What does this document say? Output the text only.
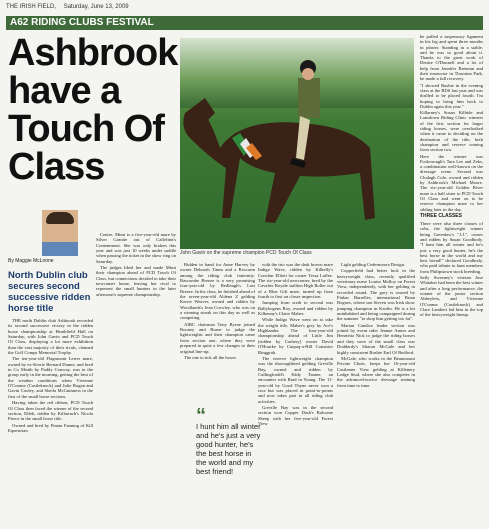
THE IRISH FIELD, Saturday, June 13, 2009
A62 RIDING CLUBS FESTIVAL
Ashbrook have a Touch Of Class
John Gavin on the supreme champion PCD Touch Of Class
By Maggie McLoone
North Dublin club secures second successive ridden horse title

THE north Dublin club Ashbrook recorded its second successive victory in the ridden horse championship at Heathfield Hall on Saturday, with John Gavin and PCD Touch Of Class, displaying a lot more exhibition than the vast majority of their rivals, claimed the Golf Comps Memorial Trophy.

The ten-year-old Flagmount Lerrer mare, owned by ex-Kerrie Bernard Dunne, and bred in Co Meath by Paddy Conway, was in the group early in the morning, getting the best of the weather conditions when Vivienne O'Connor (Castleknock) and Julie Rogan and Gavin Cooley, and Sheila McGuinness in the first of the small horse sections.

Having taken the red ribbon, PCD Touch Of Class then faced the winner of the second section, Dilek, ridden by Killarinch's Nicola Pierce in the small horse title.

Owned and bred by Fintan Fanning of Kill Equestrian

Centre, Mimi is a five-year-old mare by Silver Granite out of Callefinn's Contentment. She was only broken this year and was just 10 weeks under saddle when passing the ticket in the show ring on Saturday.

The judges liked her and made Mimi their champion ahead of PCD Touch Of Class, but connections decided to take their newcomer home, leaving her rival to represent the small hunters in the later afternoon's supreme championship.

Ridden in hand for Anne Harvey by owner Deborah Timm and a Roscarin among the riding club fraternity. Bascombe Breeze is a very promising four-year-old by Redlaugh's Last Breeze. In his class, he finished ahead of the seven-year-old Aldena Z gelding Kerrie Weaver, owned and ridden by Woodlands's Jean Crowley, who was on a winning streak on this day as well as competing.

AIBC chairman Tony Byrne joined Rooney and Burne to judge the lightweights and their champion came from section one, where they were prepared in quite a few changes to their original line-up.

The one to tick all the boxes

“
I hunt him all winter and he's just a very good hunter, he's the best horse in the world and my best friend!

with the trio was the dark brown mare Indigo Wave, ridden by Kilkelly's Conchur Elliott for owner Tessa Laffee. The six-year-old newcomer, bred by the Cavalier Royale stallion High Roller out of a Blue Gift mare, turned up from fourth to first on closer inspection.

Jumping from sixth to second was Ballybogens Roy, owned and ridden by Kilkenny's Claire Maher.

While Indigo Wave went on to take the weight title, Maher's grey by Ace's Highlander. The four-year-old championship ahead of Little Jim (ridden by Carbery) owner David O'Hourke by Cuipaq-a-Hill Consister Ringgrah.

The reserve lightweight champion was the thoroughbred gelding Greville Bay, owned and ridden by Cullingfordd's Eddy Tanner, an encounter with Brad in Young. The 11-year-old by Good Thyne never won a race but was placed in point-to-points and now takes part in all riding club activities.

Greville Bay was in the second section won Copper Dash's Balcome Sheep with her five-year-old Forest View

Light gelding Cedermoore Design.

Copperfield had better luck in the heavyweight class, recently qualified veterinary nurse Louise Molloy on Forest View, independently, with her gelding in recorded round. The grey is owned by Finbar Barrelles, international Brian Bogues, whose son Steven was Irish show jumping champion in Kaolin. He is a bit uninhabited and being campaigned during the summer "to shop him getting too fat".

Marian Candice leader section was joined by event rider Jeanne Amtes and Henrietta Nick to judge the riding horses and they were of the small class was Dodderdy's Sharon McGale and her highly consistent Rushie Earl Of Bedford.

McGale, who works in the Beaumount Private Clinic, keeps her 16-year-old Castlemer View gelding at Killenery Lodge Stud, where she also competes in the advanced-novice dressage training from time to time.

he pulled a suspensory ligament in his leg and spent three months in plaster. Standing in a stable, and he was so good about it. Thanks to the great work of Denise O'Donnell and a lot of help from Jennifer Brennan and their instructor in Thornton Park, he made a full recovery.

"I showed Rushie in the evening class at the RDS last year and was thrilled to be placed fourth. I'm hoping to bring him back to Dublin again this year."

Killarney's Susan Kilbide and Lansdown Riding Clinic winners of the first section for larger riding horses, were overlooked when it came to deciding on the destination of the title, both champion and reserve coming from section two.

Here the winner was Foxborough's Tara Lee and Zeks, a combination well-known on the dressage scene. Second was Clodagh Cole, owned and ridden by Ashbrook's Michael Moore. The six-year-old Golden River mare is a half sister to PCD Touch Of Class and went on to be reserve champion mare to her sibling later in the day.

THREE CLASSES

There were also three classes of cobs, the lightweight winner being Greenlaw's "J.J.", owner and ridden by Susan Goodbody. "I hunt him all winter and he's just a very good hunter, he's the best horse in the world and my best friend!" declared Goodbody, who paid tribute to hunt members from Philipstown stock breeding.

Sally Sweeney's veteran Jose Whitaker had been the best winter and after a long performance, the winner of the junior section Abbeyleix, and Vivienne O'Connor (Castleknock) and Clare Lambert led him in the top of the heavyweight lineup.
